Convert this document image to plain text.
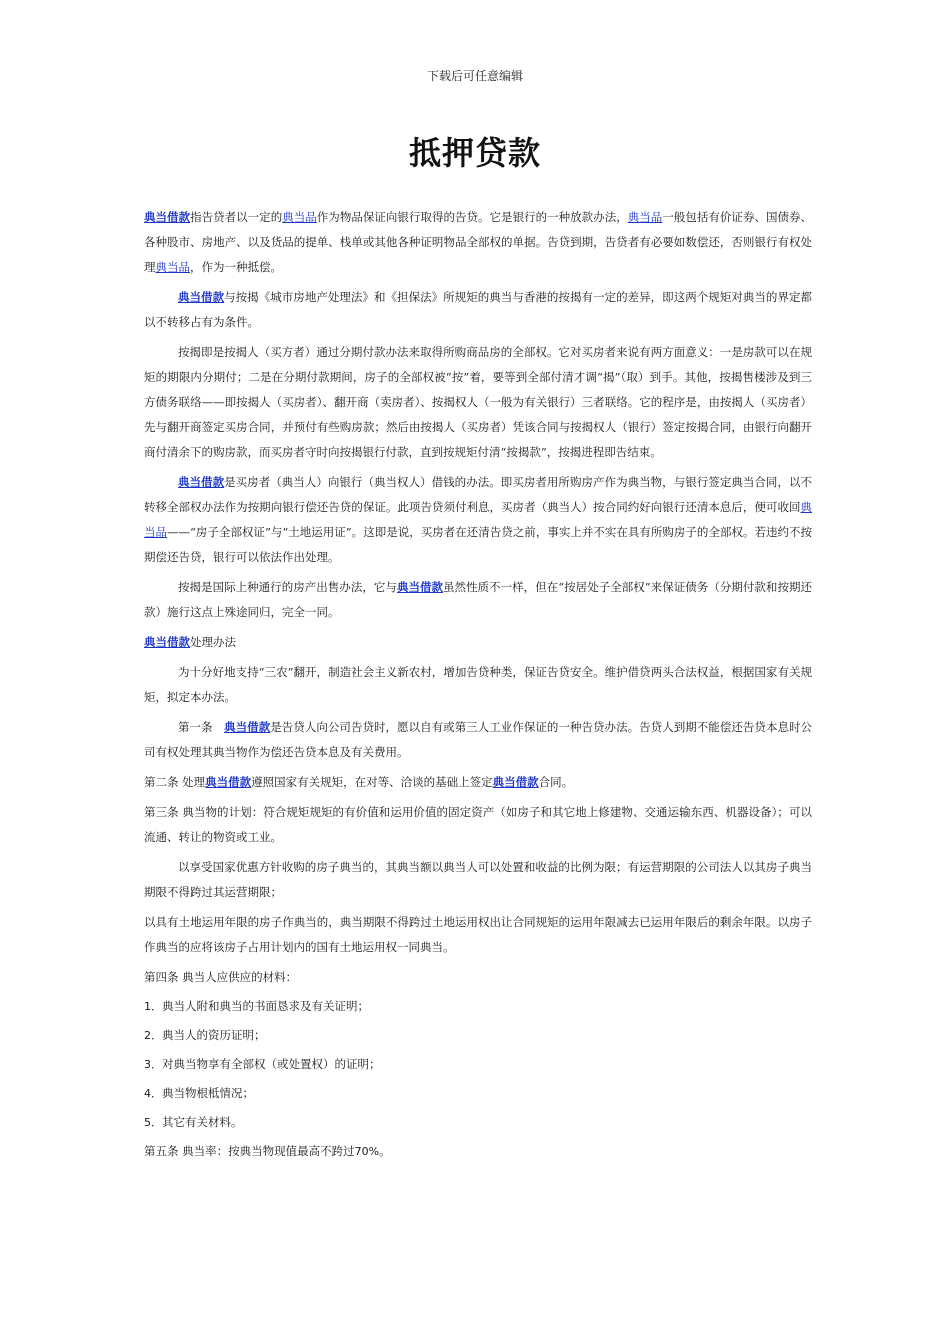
下载后可任意编辑
抵押贷款

典当借款指告贷者以一定的典当品作为物品保证向银行取得的告贷。它是银行的一种放款办法，典当品一般包括有价证券、国债券、各种股市、房地产、以及货品的提单、栈单或其他各种证明物品全部权的单据。告贷到期，告贷者有必要如数偿还，否则银行有权处理典当品，作为一种抵偿。

典当借款与按揭《城市房地产处理法》和《担保法》所规矩的典当与香港的按揭有一定的差异，即这两个规矩对典当的界定都以不转移占有为条件。

按揭即是按揭人（买方者）通过分期付款办法来取得所购商品房的全部权。它对买房者来说有两方面意义：一是房款可以在规矩的期限内分期付；二是在分期付款期间，房子的全部权被“按”着，要等到全部付清才调“揭”（取）到手。其他，按揭售楼涉及到三方债务联络——即按揭人（买房者）、翻开商（卖房者）、按揭权人（一般为有关银行）三者联络。它的程序是，由按揭人（买房者）先与翻开商签定买房合同，并预付有些购房款；然后由按揭人（买房者）凭该合同与按揭权人（银行）签定按揭合同，由银行向翻开商付清余下的购房款，而买房者守时向按揭银行付款，直到按规矩付清“按揭款”，按揭进程即告结束。

典当借款是买房者（典当人）向银行（典当权人）借钱的办法。即买房者用所购房产作为典当物，与银行签定典当合同，以不转移全部权办法作为按期向银行偿还告贷的保证。此项告贷须付利息，买房者（典当人）按合同约好向银行还清本息后，便可收回典当品——“房子全部权证”与“土地运用证”。这即是说，买房者在还清告贷之前，事实上并不实在具有所购房子的全部权。若违约不按期偿还告贷，银行可以依法作出处理。

按揭是国际上种通行的房产出售办法，它与典当借款虽然性质不一样，但在“按居处子全部权”来保证债务（分期付款和按期还款）施行这点上殊途同归，完全一同。

典当借款处理办法

为十分好地支持“三农”翻开，制造社会主义新农村，增加告贷种类，保证告贷安全。维护借贷两头合法权益，根据国家有关规矩，拟定本办法。

第一条　典当借款是告贷人向公司告贷时，愿以自有或第三人工业作保证的一种告贷办法。告贷人到期不能偿还告贷本息时公司有权处理其典当物作为偿还告贷本息及有关费用。

第二条 处理典当借款遵照国家有关规矩，在对等、洽谈的基础上签定典当借款合同。

第三条 典当物的计划：符合规矩规矩的有价值和运用价值的固定资产（如房子和其它地上修建物、交通运输东西、机器设备）；可以流通、转让的物资或工业。

以享受国家优惠方针收购的房子典当的，其典当额以典当人可以处置和收益的比例为限；有运营期限的公司法人以其房子典当期限不得跨过其运营期限；

以具有土地运用年限的房子作典当的，典当期限不得跨过土地运用权出让合同规矩的运用年限减去已运用年限后的剩余年限。以房子作典当的应将该房子占用计划内的国有土地运用权一同典当。

第四条 典当人应供应的材料：

1．典当人附和典当的书面恳求及有关证明；

2．典当人的资历证明；

3．对典当物享有全部权（或处置权）的证明；

4．典当物根柢情况；

5．其它有关材料。

第五条 典当率：按典当物现值最高不跨过70%。
